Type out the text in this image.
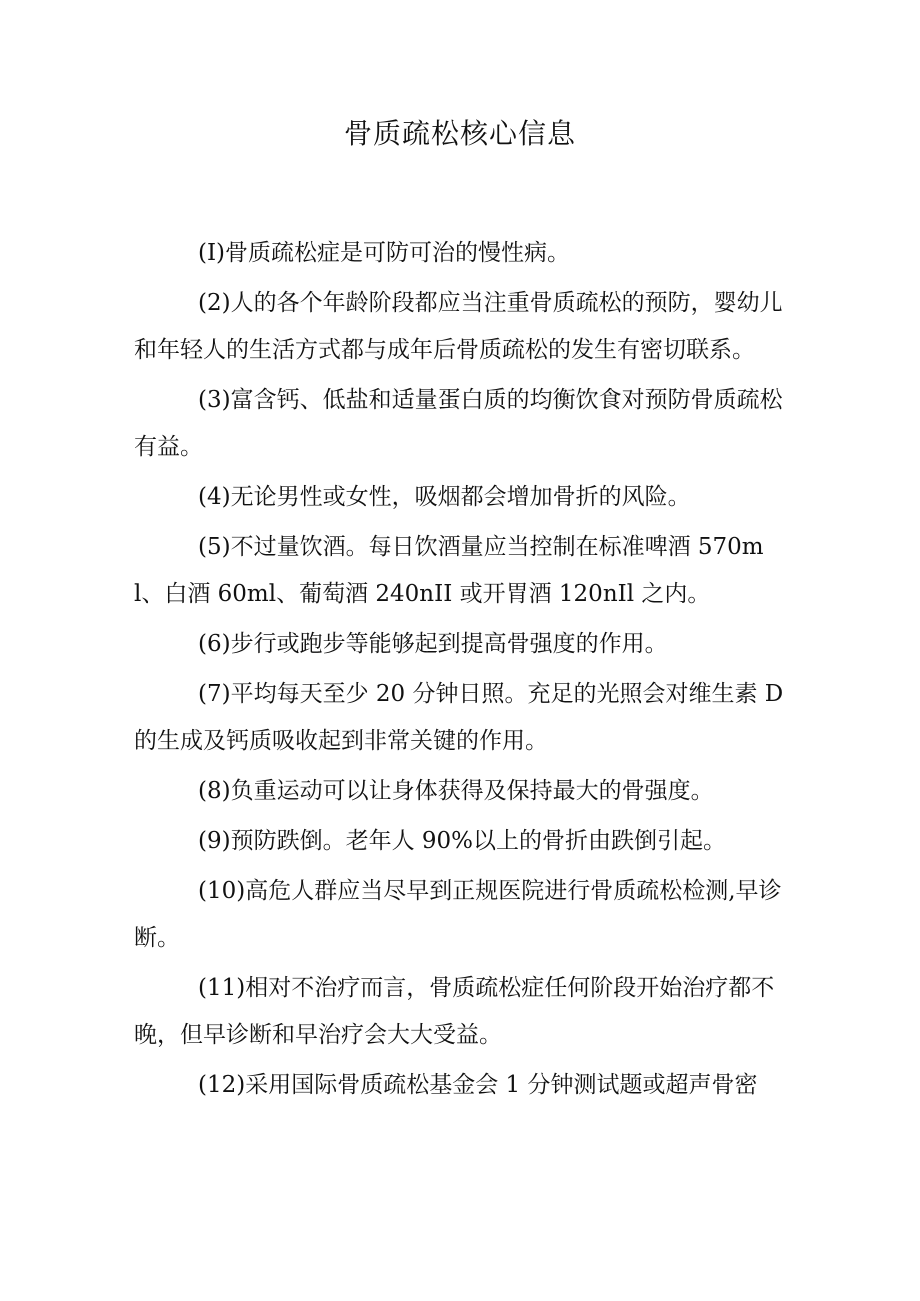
骨质疏松核心信息

(I)骨质疏松症是可防可治的慢性病。

(2)人的各个年龄阶段都应当注重骨质疏松的预防，婴幼儿和年轻人的生活方式都与成年后骨质疏松的发生有密切联系。

(3)富含钙、低盐和适量蛋白质的均衡饮食对预防骨质疏松有益。

(4)无论男性或女性，吸烟都会增加骨折的风险。

(5)不过量饮酒。每日饮酒量应当控制在标准啤酒 570ml、白酒 60ml、葡萄酒 240nII 或开胃酒 120nIl 之内。

(6)步行或跑步等能够起到提高骨强度的作用。

(7)平均每天至少 20 分钟日照。充足的光照会对维生素 D 的生成及钙质吸收起到非常关键的作用。

(8)负重运动可以让身体获得及保持最大的骨强度。

(9)预防跌倒。老年人 90%以上的骨折由跌倒引起。

(10)高危人群应当尽早到正规医院进行骨质疏松检测,早诊断。

(11)相对不治疗而言，骨质疏松症任何阶段开始治疗都不晚，但早诊断和早治疗会大大受益。

(12)采用国际骨质疏松基金会 1 分钟测试题或超声骨密
